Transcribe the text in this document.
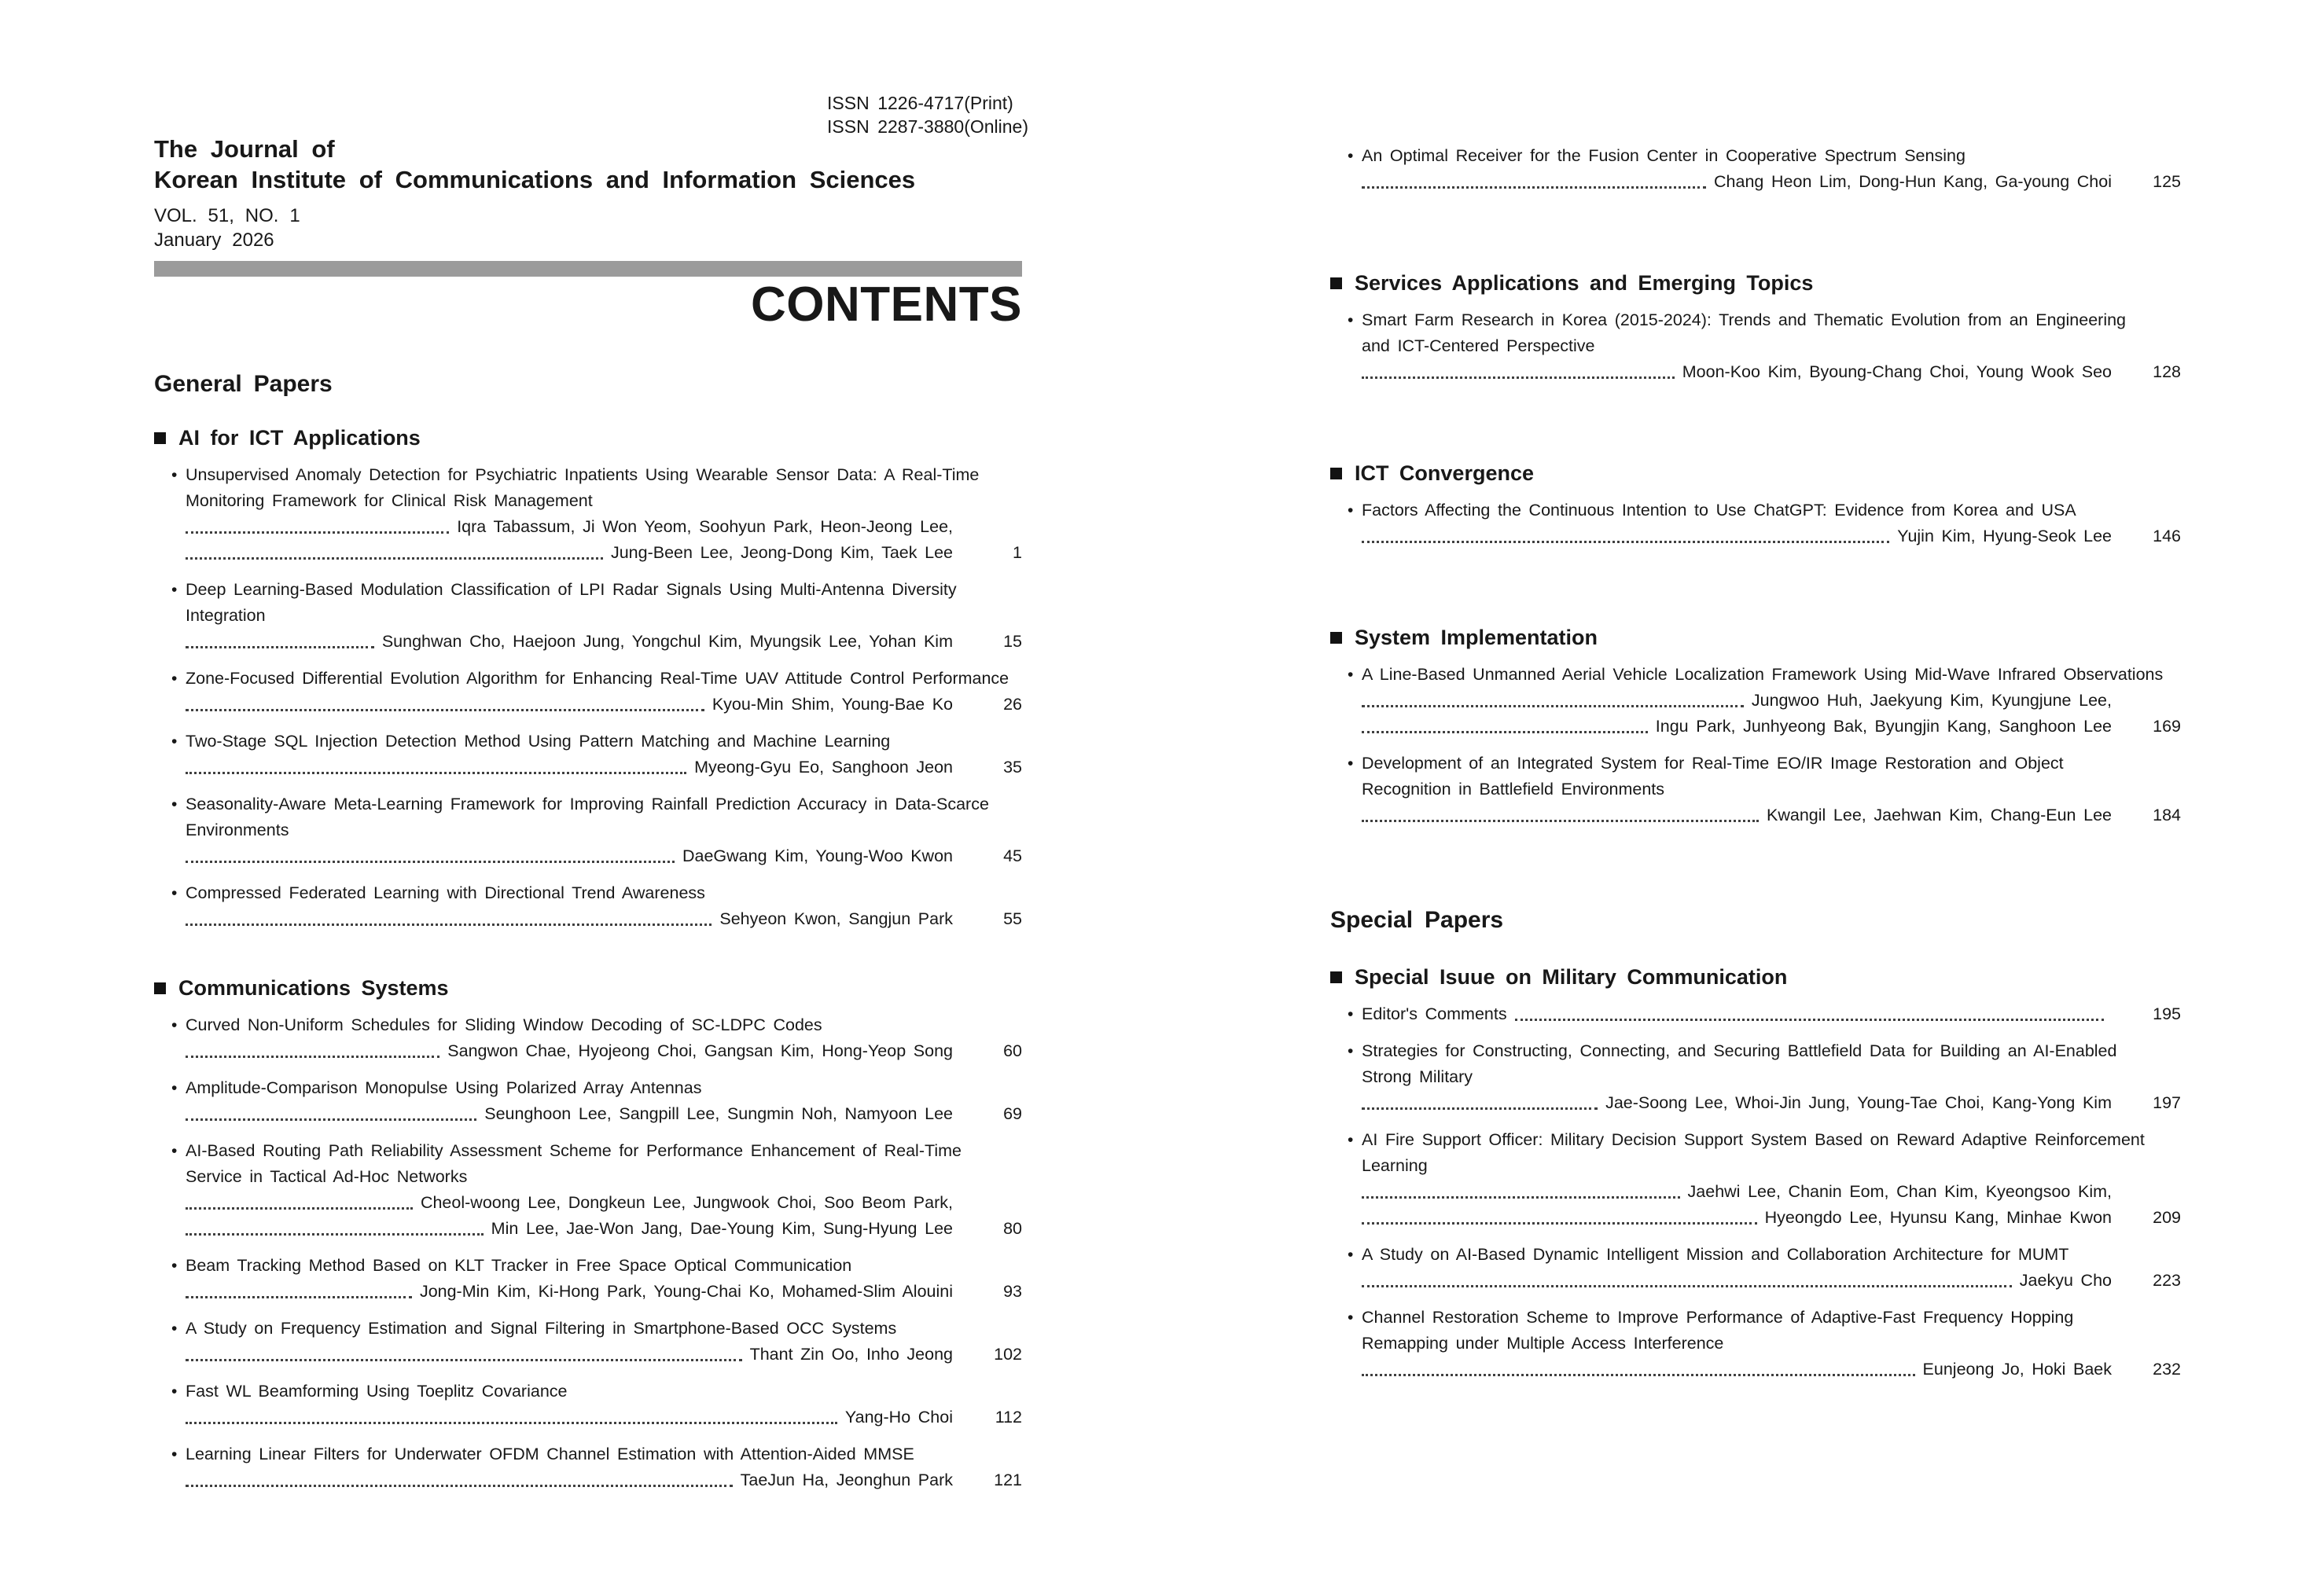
ISSN 1226-4717(Print)
ISSN 2287-3880(Online)
The Journal of
Korean Institute of Communications and Information Sciences
VOL. 51, NO. 1
January 2026
CONTENTS
General Papers
AI for ICT Applications
• Unsupervised Anomaly Detection for Psychiatric Inpatients Using Wearable Sensor Data: A Real-Time
Monitoring Framework for Clinical Risk Management
Iqra Tabassum, Ji Won Yeom, Soohyun Park, Heon-Jeong Lee,
Jung-Been Lee, Jeong-Dong Kim, Taek Lee	1
• Deep Learning-Based Modulation Classification of LPI Radar Signals Using Multi-Antenna Diversity
Integration
Sunghwan Cho, Haejoon Jung, Yongchul Kim, Myungsik Lee, Yohan Kim	15
• Zone-Focused Differential Evolution Algorithm for Enhancing Real-Time UAV Attitude Control Performance
Kyou-Min Shim, Young-Bae Ko	26
• Two-Stage SQL Injection Detection Method Using Pattern Matching and Machine Learning
Myeong-Gyu Eo, Sanghoon Jeon	35
• Seasonality-Aware Meta-Learning Framework for Improving Rainfall Prediction Accuracy in Data-Scarce
Environments
DaeGwang Kim, Young-Woo Kwon	45
• Compressed Federated Learning with Directional Trend Awareness
Sehyeon Kwon, Sangjun Park	55
Communications Systems
• Curved Non-Uniform Schedules for Sliding Window Decoding of SC-LDPC Codes
Sangwon Chae, Hyojeong Choi, Gangsan Kim, Hong-Yeop Song	60
• Amplitude-Comparison Monopulse Using Polarized Array Antennas
Seunghoon Lee, Sangpill Lee, Sungmin Noh, Namyoon Lee	69
• AI-Based Routing Path Reliability Assessment Scheme for Performance Enhancement of Real-Time
Service in Tactical Ad-Hoc Networks
Cheol-woong Lee, Dongkeun Lee, Jungwook Choi, Soo Beom Park,
Min Lee, Jae-Won Jang, Dae-Young Kim, Sung-Hyung Lee	80
• Beam Tracking Method Based on KLT Tracker in Free Space Optical Communication
Jong-Min Kim, Ki-Hong Park, Young-Chai Ko, Mohamed-Slim Alouini	93
• A Study on Frequency Estimation and Signal Filtering in Smartphone-Based OCC Systems
Thant Zin Oo, Inho Jeong	102
• Fast WL Beamforming Using Toeplitz Covariance
Yang-Ho Choi	112
• Learning Linear Filters for Underwater OFDM Channel Estimation with Attention-Aided MMSE
TaeJun Ha, Jeonghun Park	121
• An Optimal Receiver for the Fusion Center in Cooperative Spectrum Sensing
Chang Heon Lim, Dong-Hun Kang, Ga-young Choi	125
Services Applications and Emerging Topics
• Smart Farm Research in Korea (2015-2024): Trends and Thematic Evolution from an Engineering
and ICT-Centered Perspective
Moon-Koo Kim, Byoung-Chang Choi, Young Wook Seo	128
ICT Convergence
• Factors Affecting the Continuous Intention to Use ChatGPT: Evidence from Korea and USA
Yujin Kim, Hyung-Seok Lee	146
System Implementation
• A Line-Based Unmanned Aerial Vehicle Localization Framework Using Mid-Wave Infrared Observations
Jungwoo Huh, Jaekyung Kim, Kyungjune Lee,
Ingu Park, Junhyeong Bak, Byungjin Kang, Sanghoon Lee	169
• Development of an Integrated System for Real-Time EO/IR Image Restoration and Object
Recognition in Battlefield Environments
Kwangil Lee, Jaehwan Kim, Chang-Eun Lee	184
Special Papers
Special Isuue on Military Communication
• Editor's Comments	195
• Strategies for Constructing, Connecting, and Securing Battlefield Data for Building an AI-Enabled
Strong Military
Jae-Soong Lee, Whoi-Jin Jung, Young-Tae Choi, Kang-Yong Kim	197
• AI Fire Support Officer: Military Decision Support System Based on Reward Adaptive Reinforcement
Learning
Jaehwi Lee, Chanin Eom, Chan Kim, Kyeongsoo Kim,
Hyeongdo Lee, Hyunsu Kang, Minhae Kwon	209
• A Study on AI-Based Dynamic Intelligent Mission and Collaboration Architecture for MUMT
Jaekyu Cho	223
• Channel Restoration Scheme to Improve Performance of Adaptive-Fast Frequency Hopping
Remapping under Multiple Access Interference
Eunjeong Jo, Hoki Baek	232
